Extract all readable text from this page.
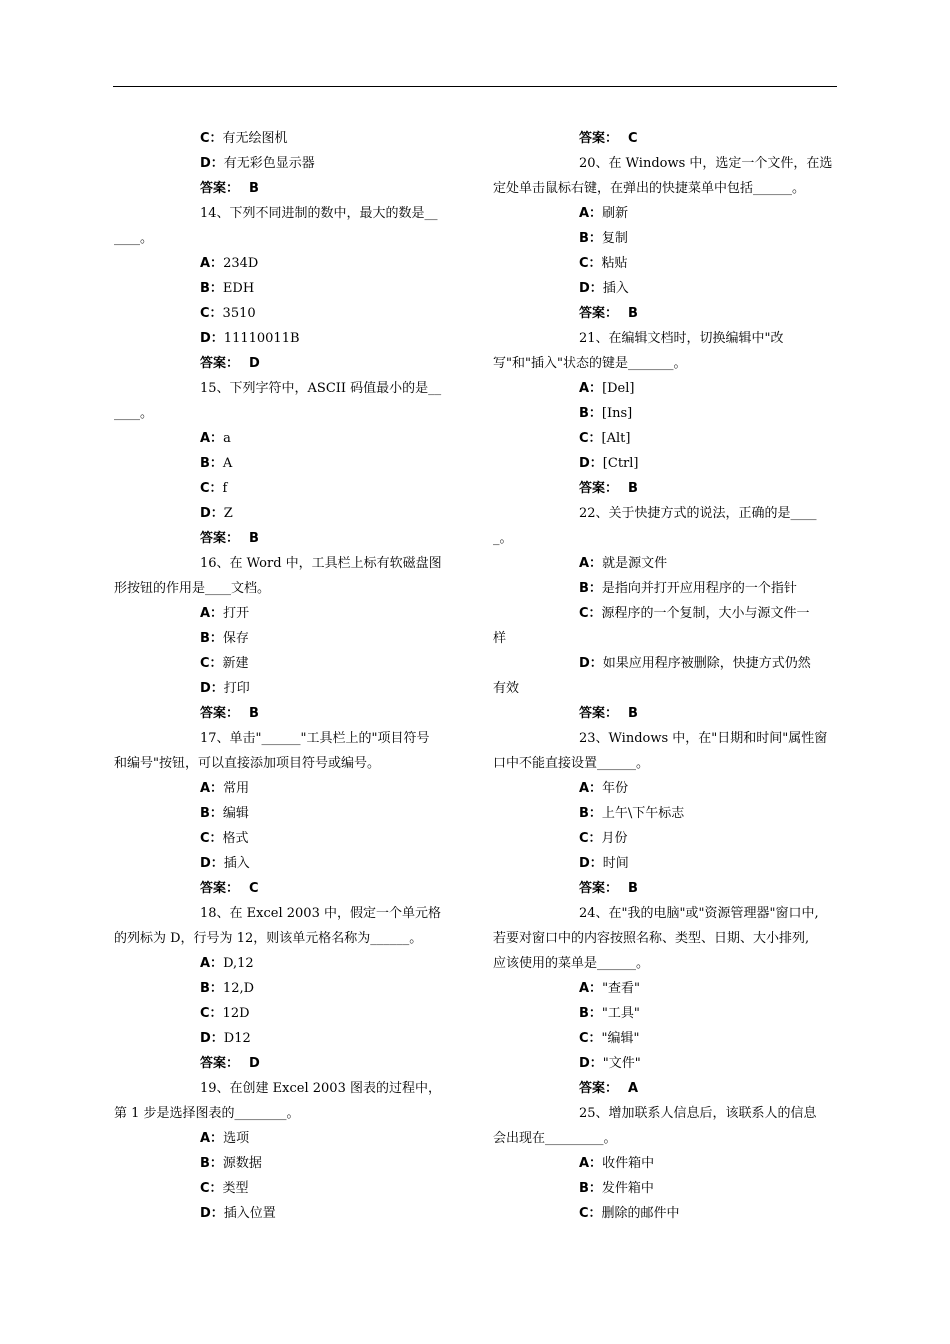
C：有无绘图机
D：有无彩色显示器
答案： B
14、下列不同进制的数中，最大的数是__
____。
A：234D
B：EDH
C：3510
D：11110011B
答案： D
15、下列字符中，ASCII 码值最小的是__
____。
A：a
B：A
C：f
D：Z
答案： B
16、在 Word 中，工具栏上标有软磁盘图
形按钮的作用是____文档。
A：打开
B：保存
C：新建
D：打印
答案： B
17、单击"______"工具栏上的"项目符号
和编号"按钮，可以直接添加项目符号或编号。
A：常用
B：编辑
C：格式
D：插入
答案： C
18、在 Excel 2003 中，假定一个单元格
的列标为 D，行号为 12，则该单元格名称为______。
A：D,12
B：12,D
C：12D
D：D12
答案： D
19、在创建 Excel 2003 图表的过程中，
第 1 步是选择图表的________。
A：选项
B：源数据
C：类型
D：插入位置
答案： C
20、在 Windows 中，选定一个文件，在选
定处单击鼠标右键，在弹出的快捷菜单中包括______。
A：刷新
B：复制
C：粘贴
D：插入
答案： B
21、在编辑文档时，切换编辑中"改
写"和"插入"状态的键是_______。
A：[Del]
B：[Ins]
C：[Alt]
D：[Ctrl]
答案： B
22、关于快捷方式的说法，正确的是____
_。
A：就是源文件
B：是指向并打开应用程序的一个指针
C：源程序的一个复制，大小与源文件一
样
D：如果应用程序被删除，快捷方式仍然
有效
答案： B
23、Windows 中，在"日期和时间"属性窗
口中不能直接设置______。
A：年份
B：上午\下午标志
C：月份
D：时间
答案： B
24、在"我的电脑"或"资源管理器"窗口中,
若要对窗口中的内容按照名称、类型、日期、大小排列,
应该使用的菜单是______。
A："查看"
B："工具"
C："编辑"
D："文件"
答案： A
25、增加联系人信息后，该联系人的信息
会出现在_________。
A：收件箱中
B：发件箱中
C：删除的邮件中
